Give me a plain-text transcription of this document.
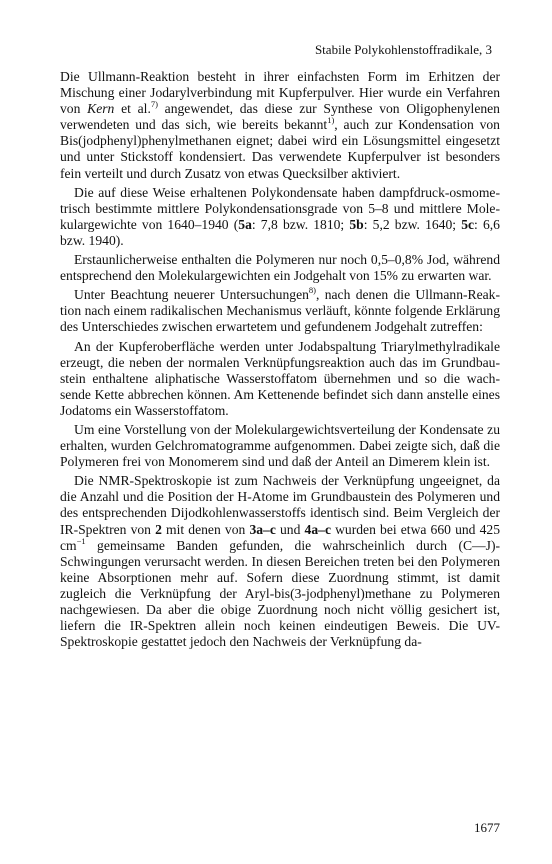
Stabile Polykohlenstoffradikale, 3

Die Ullmann-Reaktion besteht in ihrer einfachsten Form im Erhitzen der Mischung einer Jodarylverbindung mit Kupferpulver. Hier wurde ein Verfahren von Kern et al.$^{7)}$ angewendet, das diese zur Synthese von Oligophenylenen verwendeten und das sich, wie bereits bekannt$^{1)}$, auch zur Kondensation von Bis(jodphenyl)phenylmethanen eignet; dabei wird ein Lösungsmittel eingesetzt und unter Stickstoff kondensiert. Das verwendete Kupferpulver ist besonders fein verteilt und durch Zusatz von etwas Quecksilber aktiviert.

Die auf diese Weise erhaltenen Polykondensate haben dampfdruck-osmometrisch bestimmte mittlere Polykondensationsgrade von 5–8 und mittlere Molekulargewichte von 1640–1940 (5a: 7,8 bzw. 1810; 5b: 5,2 bzw. 1640; 5c: 6,6 bzw. 1940).

Erstaunlicherweise enthalten die Polymeren nur noch 0,5–0,8% Jod, während entsprechend den Molekulargewichten ein Jodgehalt von 15% zu erwarten war.

Unter Beachtung neuerer Untersuchungen$^{8)}$, nach denen die Ullmann-Reaktion nach einem radikalischen Mechanismus verläuft, könnte folgende Erklärung des Unterschiedes zwischen erwartetem und gefundenem Jodgehalt zutreffen:

An der Kupferoberfläche werden unter Jodabspaltung Triarylmethylradikale erzeugt, die neben der normalen Verknüpfungsreaktion auch das im Grundbaustein enthaltene aliphatische Wasserstoffatom übernehmen und so die wachsende Kette abbrechen können. Am Kettenende befindet sich dann anstelle eines Jodatoms ein Wasserstoffatom.

Um eine Vorstellung von der Molekulargewichtsverteilung der Kondensate zu erhalten, wurden Gelchromatogramme aufgenommen. Dabei zeigte sich, daß die Polymeren frei von Monomerem sind und daß der Anteil an Dimerem klein ist.

Die NMR-Spektroskopie ist zum Nachweis der Verknüpfung ungeeignet, da die Anzahl und die Position der H-Atome im Grundbaustein des Polymeren und des entsprechenden Dijodkohlenwasserstoffs identisch sind. Beim Vergleich der IR-Spektren von 2 mit denen von 3a–c und 4a–c wurden bei etwa 660 und 425 $cm^{-1}$ gemeinsame Banden gefunden, die wahrscheinlich durch (C—J)-Schwingungen verursacht werden. In diesen Bereichen treten bei den Polymeren keine Absorptionen mehr auf. Sofern diese Zuordnung stimmt, ist damit zugleich die Verknüpfung der Aryl-bis(3-jodphenyl)methane zu Polymeren nachgewiesen. Da aber die obige Zuordnung noch nicht völlig gesichert ist, liefern die IR-Spektren allein noch keinen eindeutigen Beweis. Die UV-Spektroskopie gestattet jedoch den Nachweis der Verknüpfung da-

1677
